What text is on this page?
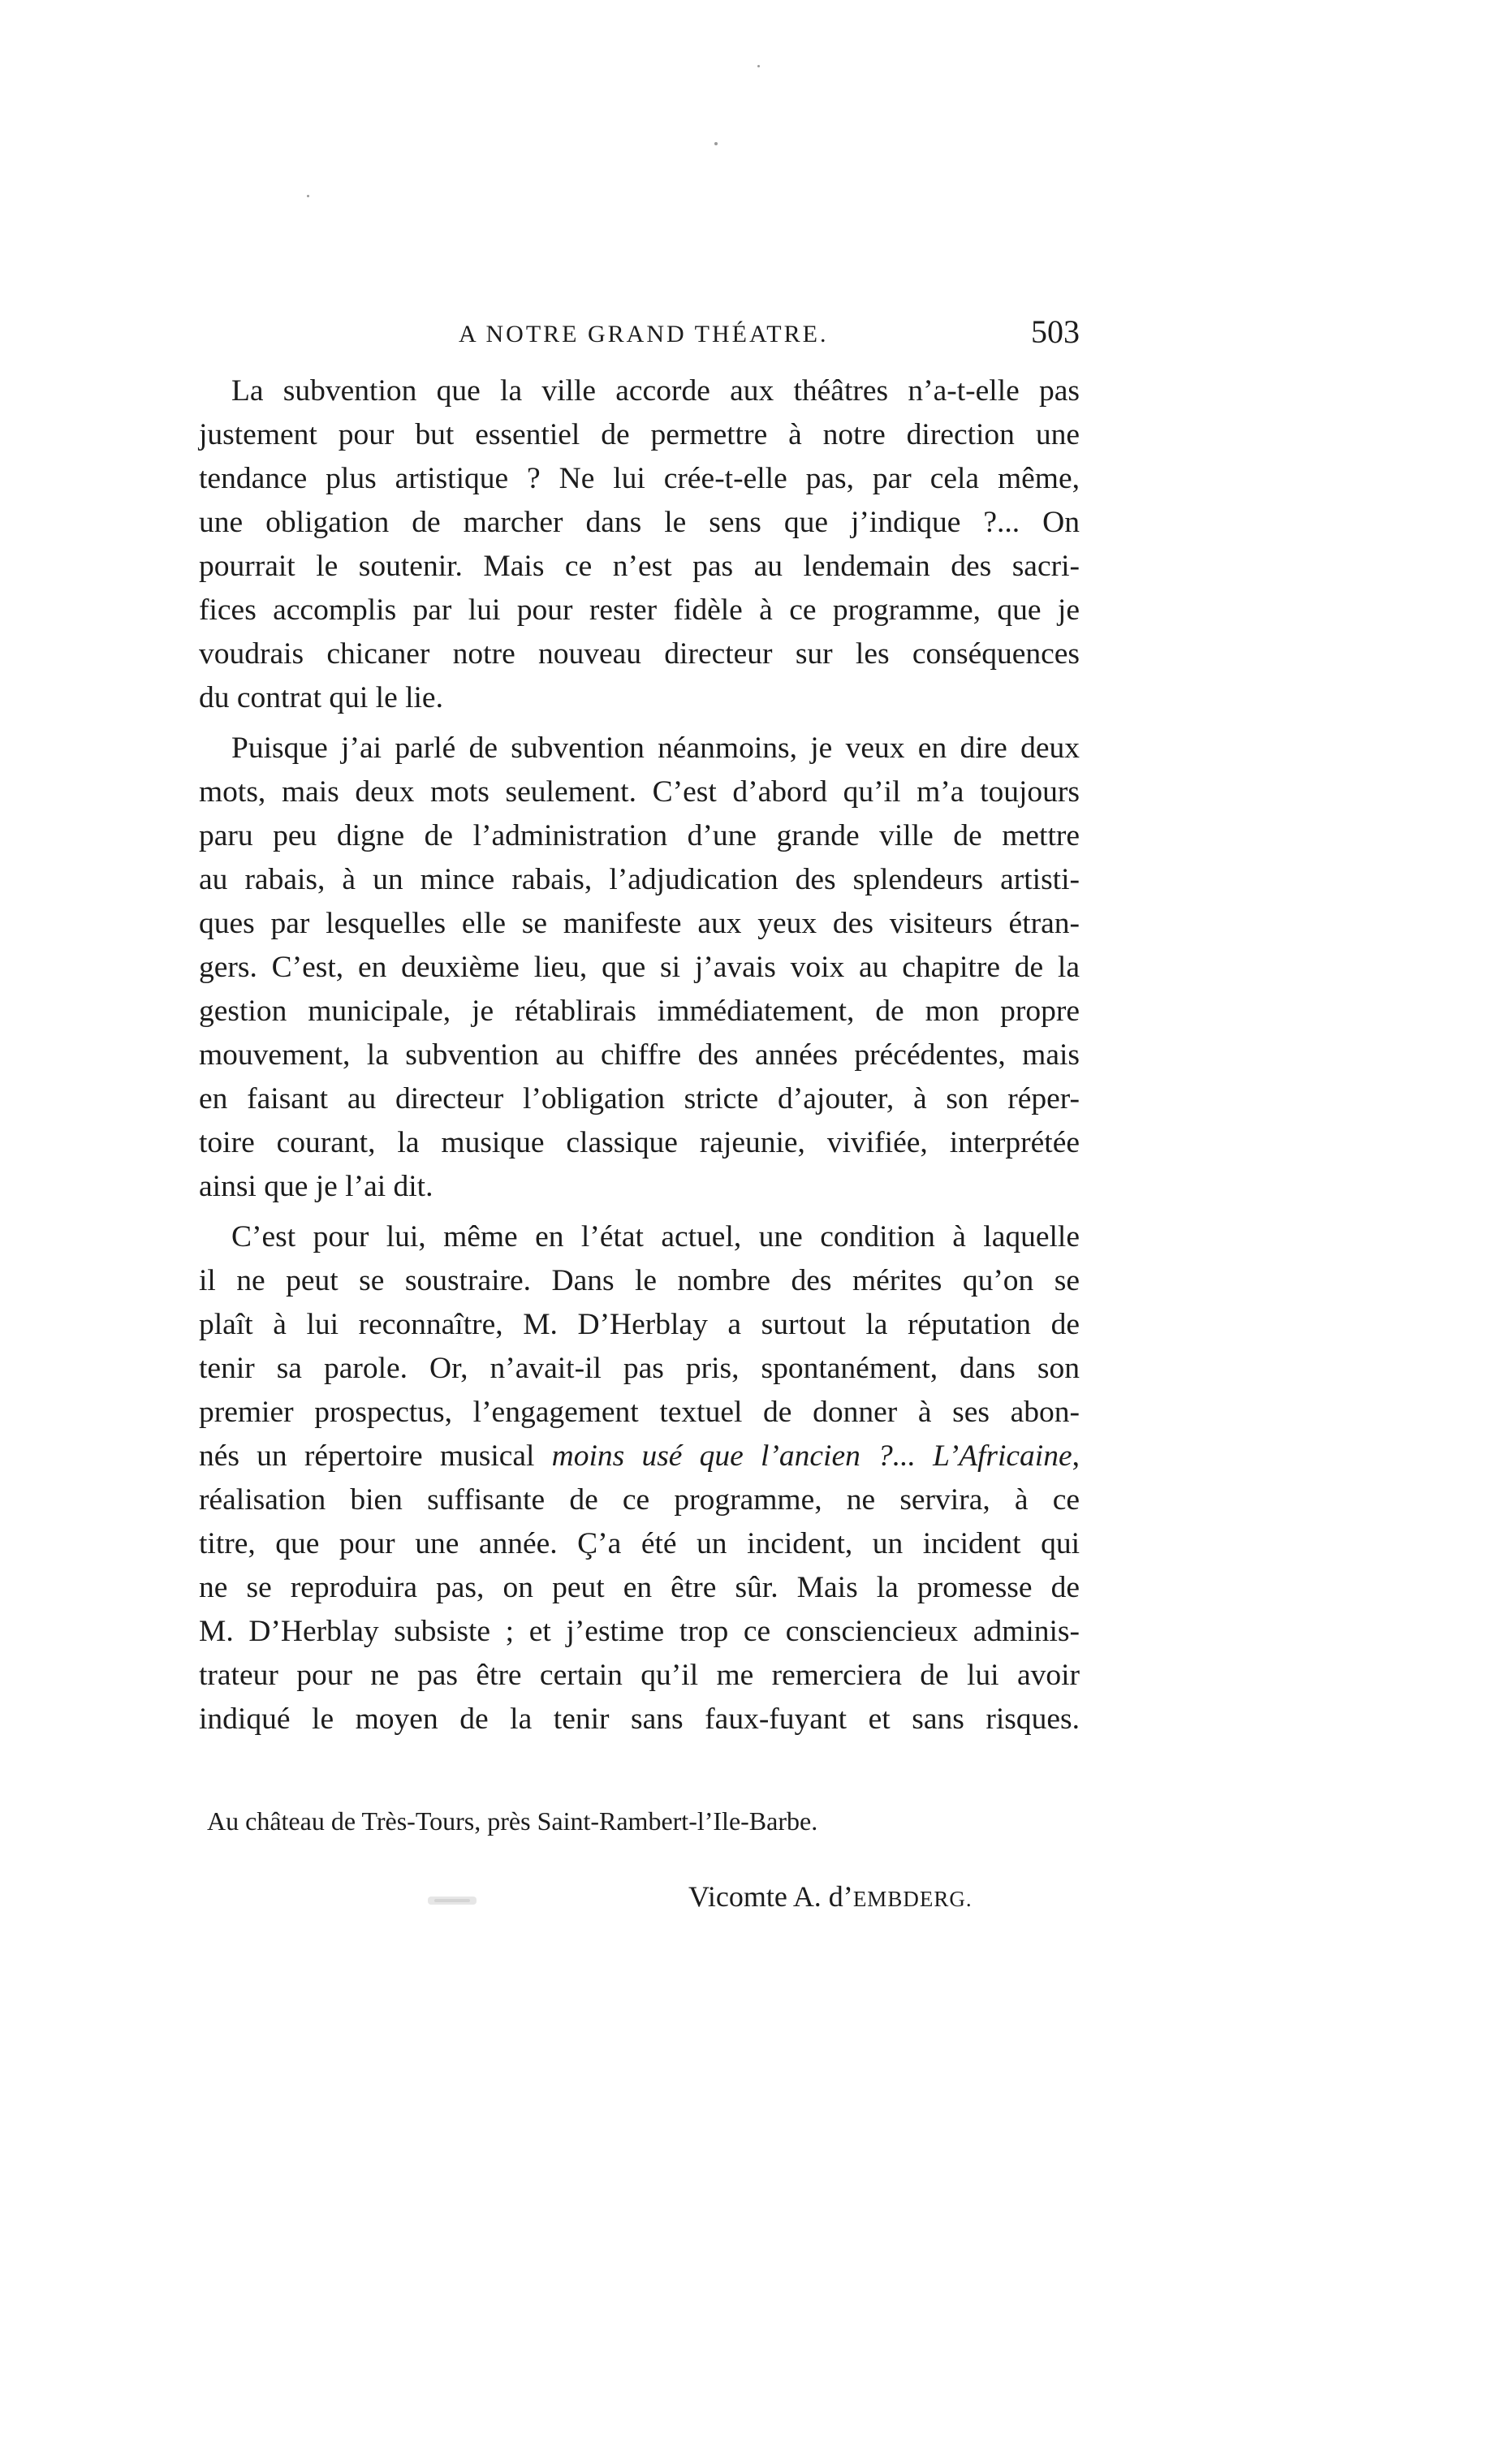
A NOTRE GRAND THÉATRE.	503
La subvention que la ville accorde aux théâtres n’a-t-elle pas
justement pour but essentiel de permettre à notre direction une
tendance plus artistique ? Ne lui crée-t-elle pas, par cela même,
une obligation de marcher dans le sens que j’indique ?... On
pourrait le soutenir. Mais ce n’est pas au lendemain des sacri-
fices accomplis par lui pour rester fidèle à ce programme, que je
voudrais chicaner notre nouveau directeur sur les conséquences
du contrat qui le lie.
Puisque j’ai parlé de subvention néanmoins, je veux en dire deux
mots, mais deux mots seulement. C’est d’abord qu’il m’a toujours
paru peu digne de l’administration d’une grande ville de mettre
au rabais, à un mince rabais, l’adjudication des splendeurs artisti-
ques par lesquelles elle se manifeste aux yeux des visiteurs étran-
gers. C’est, en deuxième lieu, que si j’avais voix au chapitre de la
gestion municipale, je rétablirais immédiatement, de mon propre
mouvement, la subvention au chiffre des années précédentes, mais
en faisant au directeur l’obligation stricte d’ajouter, à son réper-
toire courant, la musique classique rajeunie, vivifiée, interprétée
ainsi que je l’ai dit.
C’est pour lui, même en l’état actuel, une condition à laquelle
il ne peut se soustraire. Dans le nombre des mérites qu’on se
plaît à lui reconnaître, M. D’Herblay a surtout la réputation de
tenir sa parole. Or, n’avait-il pas pris, spontanément, dans son
premier prospectus, l’engagement textuel de donner à ses abon-
nés un répertoire musical moins usé que l’ancien ?... L’Africaine,
réalisation bien suffisante de ce programme, ne servira, à ce
titre, que pour une année. Ç’a été un incident, un incident qui
ne se reproduira pas, on peut en être sûr. Mais la promesse de
M. D’Herblay subsiste ; et j’estime trop ce consciencieux adminis-
trateur pour ne pas être certain qu’il me remerciera de lui avoir
indiqué le moyen de la tenir sans faux-fuyant et sans risques.
Au château de Très-Tours, près Saint-Rambert-l’Ile-Barbe.
Vicomte A. d’EMBDERG.
